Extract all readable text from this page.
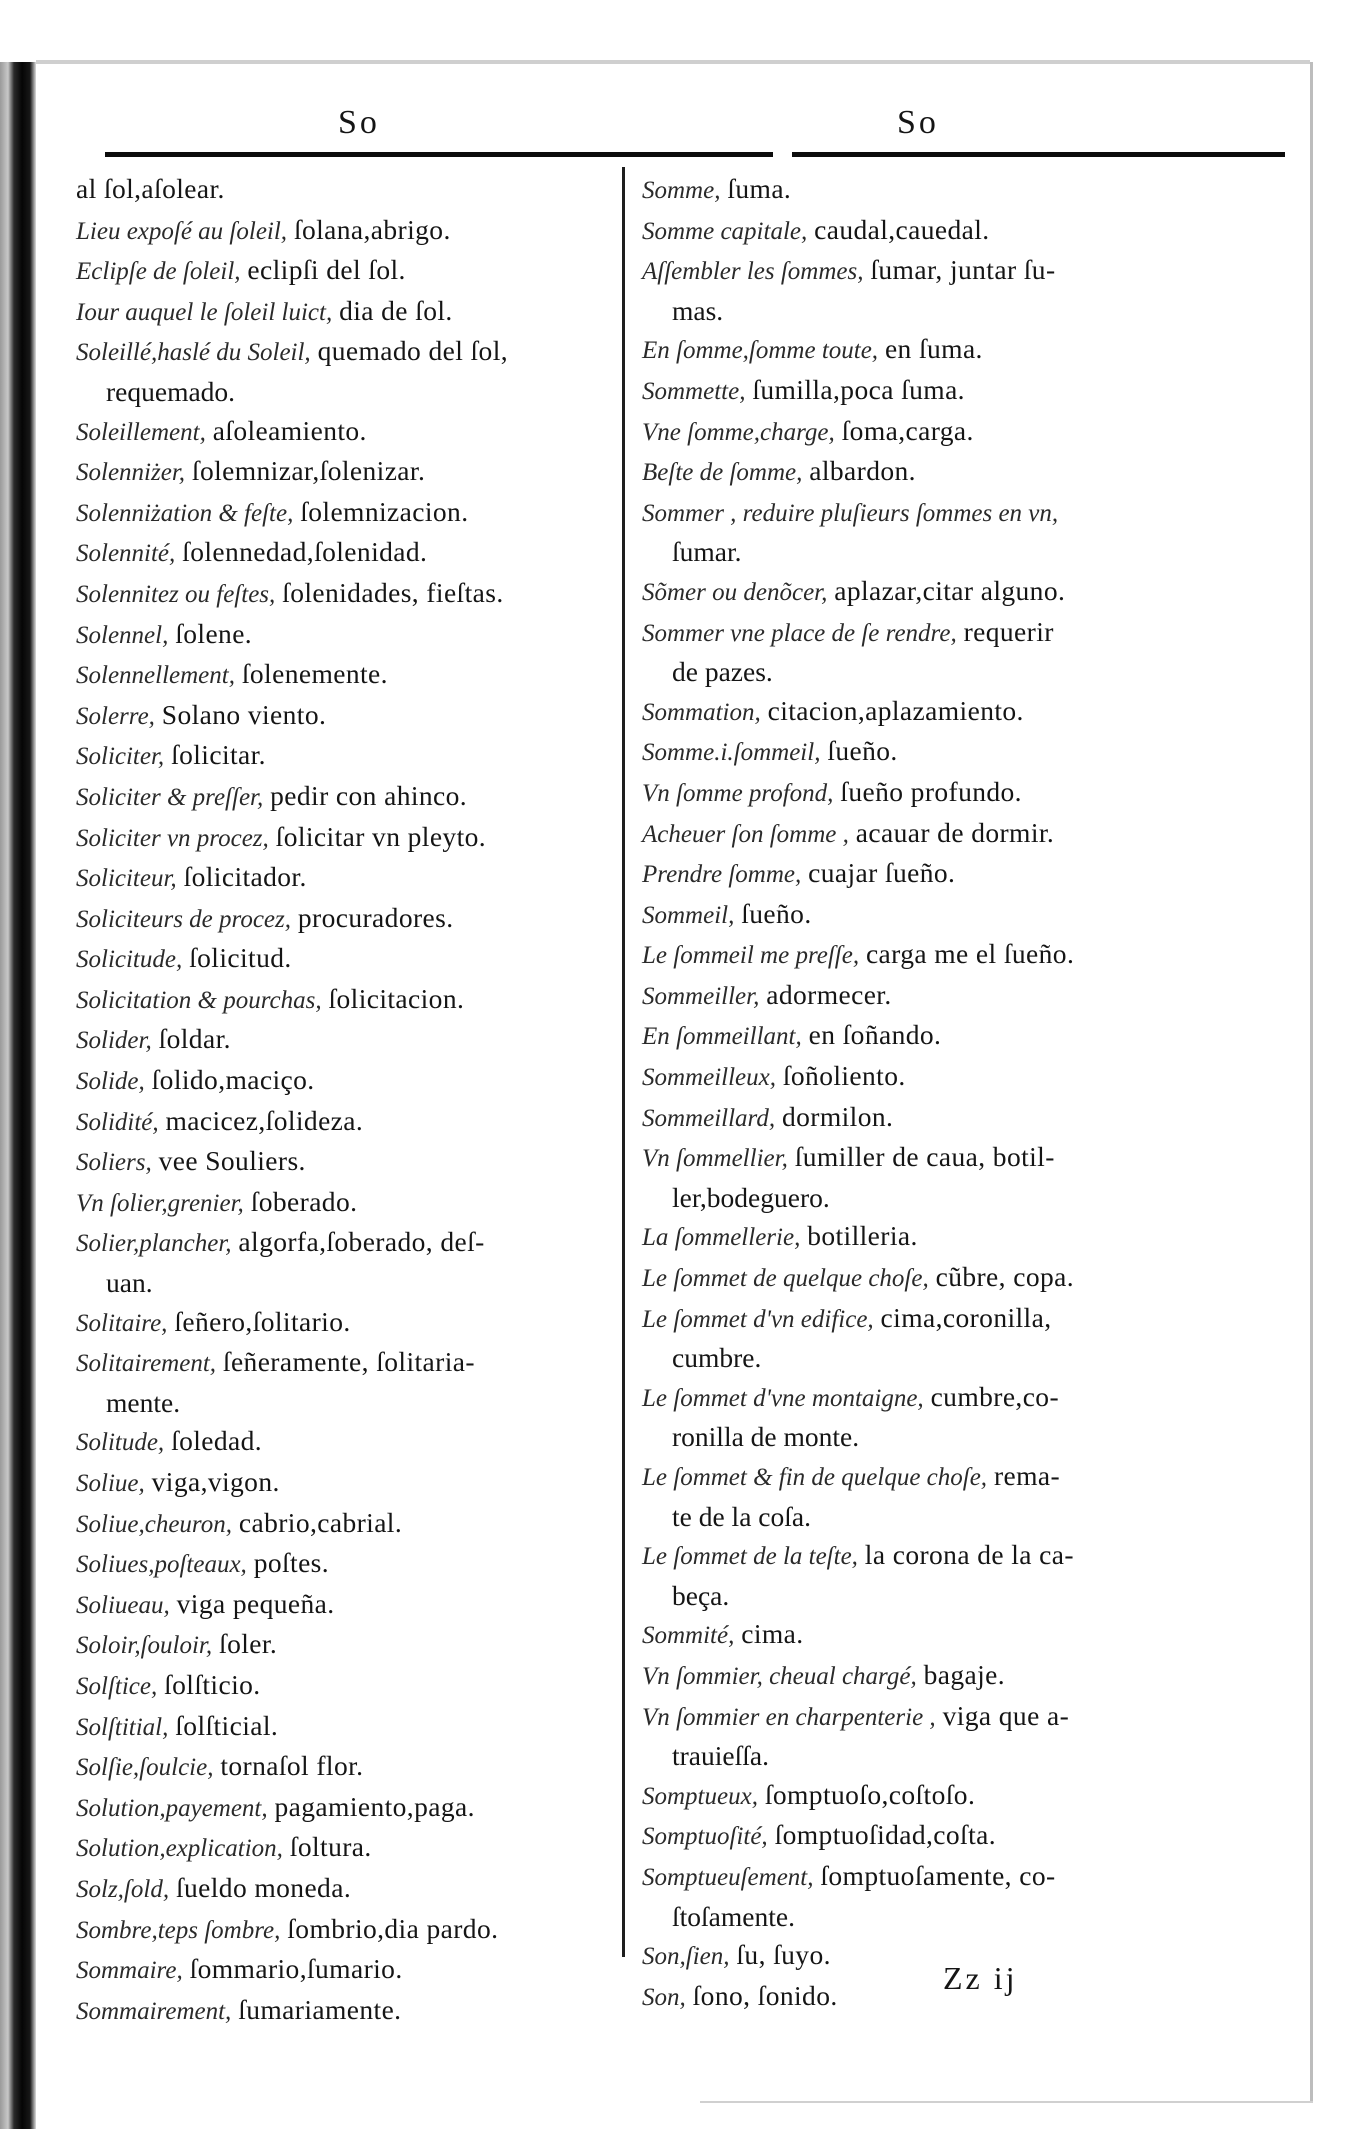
So	So
al ſol,aſolear.
Lieu expoſé au ſoleil, ſolana,abrigo.
Eclipſe de ſoleil, eclipſi del ſol.
Iour auquel le ſoleil luict, dia de ſol.
Soleillé,haslé du Soleil, quemado del ſol,
requemado.
Soleillement, aſoleamiento.
Solenniżer, ſolemnizar,ſolenizar.
Solenniżation & feſte, ſolemnizacion.
Solennité, ſolennedad,ſolenidad.
Solennitez ou feſtes, ſolenidades, fieſtas.
Solennel, ſolene.
Solennellement, ſolenemente.
Solerre, Solano viento.
Soliciter, ſolicitar.
Soliciter & preſſer, pedir con ahinco.
Soliciter vn procez, ſolicitar vn pleyto.
Soliciteur, ſolicitador.
Soliciteurs de procez, procuradores.
Solicitude, ſolicitud.
Solicitation & pourchas, ſolicitacion.
Solider, ſoldar.
Solide, ſolido,maciço.
Solidité, macicez,ſolideza.
Soliers, vee Souliers.
Vn ſolier,grenier, ſoberado.
Solier,plancher, algorfa,ſoberado, deſ-
uan.
Solitaire, ſeñero,ſolitario.
Solitairement, ſeñeramente, ſolitaria-
mente.
Solitude, ſoledad.
Soliue, viga,vigon.
Soliue,cheuron, cabrio,cabrial.
Soliues,poſteaux, poſtes.
Soliueau, viga pequeña.
Soloir,ſouloir, ſoler.
Solſtice, ſolſticio.
Solſtitial, ſolſticial.
Solſie,ſoulcie, tornaſol flor.
Solution,payement, pagamiento,paga.
Solution,explication, ſoltura.
Solz,ſold, ſueldo moneda.
Sombre,teps ſombre, ſombrio,dia pardo.
Sommaire, ſommario,ſumario.
Sommairement, ſumariamente.
Somme, ſuma.
Somme capitale, caudal,cauedal.
Aſſembler les ſommes, ſumar, juntar ſu-
mas.
En ſomme,ſomme toute, en ſuma.
Sommette, ſumilla,poca ſuma.
Vne ſomme,charge, ſoma,carga.
Beſte de ſomme, albardon.
Sommer , reduire pluſieurs ſommes en vn,
ſumar.
Sõmer ou denõcer, aplazar,citar alguno.
Sommer vne place de ſe rendre, requerir
de pazes.
Sommation, citacion,aplazamiento.
Somme.i.ſommeil, ſueño.
Vn ſomme profond, ſueño profundo.
Acheuer ſon ſomme , acauar de dormir.
Prendre ſomme, cuajar ſueño.
Sommeil, ſueño.
Le ſommeil me preſſe, carga me el ſueño.
Sommeiller, adormecer.
En ſommeillant, en ſoñando.
Sommeilleux, ſoñoliento.
Sommeillard, dormilon.
Vn ſommellier, ſumiller de caua, botil-
ler,bodeguero.
La ſommellerie, botilleria.
Le ſommet de quelque choſe, cũbre, copa.
Le ſommet d'vn edifice, cima,coronilla,
cumbre.
Le ſommet d'vne montaigne, cumbre,co-
ronilla de monte.
Le ſommet & fin de quelque choſe, rema-
te de la coſa.
Le ſommet de la teſte, la corona de la ca-
beça.
Sommité, cima.
Vn ſommier, cheual chargé, bagaje.
Vn ſommier en charpenterie , viga que a-
trauieſſa.
Somptueux, ſomptuoſo,coſtoſo.
Somptuoſité, ſomptuoſidad,coſta.
Somptueuſement, ſomptuoſamente, co-
ſtoſamente.
Son,ſien, ſu, ſuyo.
Son, ſono, ſonido.	Zz ij
